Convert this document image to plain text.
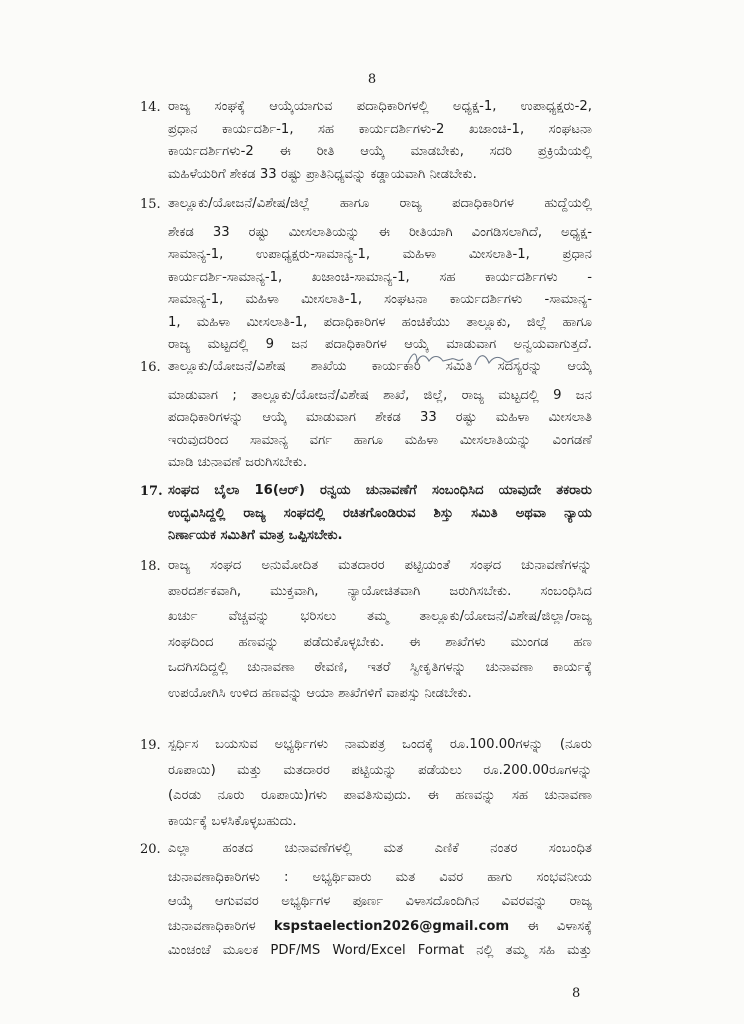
8
14. ರಾಜ್ಯ ಸಂಘಕ್ಕೆ ಆಯ್ಕೆಯಾಗುವ ಪದಾಧಿಕಾರಿಗಳಲ್ಲಿ ಅಧ್ಯಕ್ಷ-1, ಉಪಾಧ್ಯಕ್ಷರು-2,
ಪ್ರಧಾನ ಕಾರ್ಯದರ್ಶಿ-1, ಸಹ ಕಾರ್ಯದರ್ಶಿಗಳು-2 ಖಜಾಂಚಿ-1, ಸಂಘಟನಾ
ಕಾರ್ಯದರ್ಶಿಗಳು-2 ಈ ರೀತಿ ಆಯ್ಕೆ ಮಾಡಬೇಕು, ಸದರಿ ಪ್ರಕ್ರಿಯೆಯಲ್ಲಿ
ಮಹಿಳೆಯರಿಗೆ ಶೇಕಡ 33 ರಷ್ಟು ಪ್ರಾತಿನಿಧ್ಯವನ್ನು ಕಡ್ಡಾಯವಾಗಿ ನೀಡಬೇಕು.
15. ತಾಲ್ಲೂಕು/ಯೋಜನೆ/ವಿಶೇಷ/ಜಿಲ್ಲೆ ಹಾಗೂ ರಾಜ್ಯ ಪದಾಧಿಕಾರಿಗಳ ಹುದ್ದೆಯಲ್ಲಿ
ಶೇಕಡ 33 ರಷ್ಟು ಮೀಸಲಾತಿಯನ್ನು ಈ ರೀತಿಯಾಗಿ ವಿಂಗಡಿಸಲಾಗಿದೆ, ಅಧ್ಯಕ್ಷ-
ಸಾಮಾನ್ಯ-1, ಉಪಾಧ್ಯಕ್ಷರು-ಸಾಮಾನ್ಯ-1, ಮಹಿಳಾ ಮೀಸಲಾತಿ-1, ಪ್ರಧಾನ
ಕಾರ್ಯದರ್ಶಿ-ಸಾಮಾನ್ಯ-1, ಖಜಾಂಚಿ-ಸಾಮಾನ್ಯ-1, ಸಹ ಕಾರ್ಯದರ್ಶಿಗಳು -
ಸಾಮಾನ್ಯ-1, ಮಹಿಳಾ ಮೀಸಲಾತಿ-1, ಸಂಘಟನಾ ಕಾರ್ಯದರ್ಶಿಗಳು -ಸಾಮಾನ್ಯ-
1, ಮಹಿಳಾ ಮೀಸಲಾತಿ-1, ಪದಾಧಿಕಾರಿಗಳ ಹಂಚಿಕೆಯು ತಾಲ್ಲೂಕು, ಜಿಲ್ಲೆ ಹಾಗೂ
ರಾಜ್ಯ ಮಟ್ಟದಲ್ಲಿ 9 ಜನ ಪದಾಧಿಕಾರಿಗಳ ಆಯ್ಕೆ ಮಾಡುವಾಗ ಅನ್ವಯವಾಗುತ್ತದೆ.
16. ತಾಲ್ಲೂಕು/ಯೋಜನೆ/ವಿಶೇಷ ಶಾಖೆಯ ಕಾರ್ಯಕಾರಿ ಸಮಿತಿ ಸದಸ್ಯರನ್ನು ಆಯ್ಕೆ
ಮಾಡುವಾಗ ; ತಾಲ್ಲೂಕು/ಯೋಜನೆ/ವಿಶೇಷ ಶಾಖೆ, ಜಿಲ್ಲೆ, ರಾಜ್ಯ ಮಟ್ಟದಲ್ಲಿ 9 ಜನ
ಪದಾಧಿಕಾರಿಗಳನ್ನು ಆಯ್ಕೆ ಮಾಡುವಾಗ ಶೇಕಡ 33 ರಷ್ಟು ಮಹಿಳಾ ಮೀಸಲಾತಿ
ಇರುವುದರಿಂದ ಸಾಮಾನ್ಯ ವರ್ಗ ಹಾಗೂ ಮಹಿಳಾ ಮೀಸಲಾತಿಯನ್ನು ವಿಂಗಡಣೆ
ಮಾಡಿ ಚುನಾವಣೆ ಜರುಗಿಸಬೇಕು.
17. ಸಂಘದ ಬೈಲಾ 16(ಆರ್) ರನ್ವಯ ಚುನಾವಣೆಗೆ ಸಂಬಂಧಿಸಿದ ಯಾವುದೇ ತಕರಾರು
ಉದ್ಭವಿಸಿದ್ದಲ್ಲಿ ರಾಜ್ಯ ಸಂಘದಲ್ಲಿ ರಚಿತಗೊಂಡಿರುವ ಶಿಸ್ತು ಸಮಿತಿ ಅಥವಾ ನ್ಯಾಯ
ನಿರ್ಣಾಯಕ ಸಮಿತಿಗೆ ಮಾತ್ರ ಒಪ್ಪಿಸಬೇಕು.
18. ರಾಜ್ಯ ಸಂಘದ ಅನುಮೋದಿತ ಮತದಾರರ ಪಟ್ಟಿಯಂತೆ ಸಂಘದ ಚುನಾವಣೆಗಳನ್ನು
ಪಾರದರ್ಶಕವಾಗಿ, ಮುಕ್ತವಾಗಿ, ನ್ಯಾಯೋಚಿತವಾಗಿ ಜರುಗಿಸಬೇಕು. ಸಂಬಂಧಿಸಿದ
ಖರ್ಚು ವೆಚ್ಚವನ್ನು ಭರಿಸಲು ತಮ್ಮ ತಾಲ್ಲೂಕು/ಯೋಜನೆ/ವಿಶೇಷ/ಜಿಲ್ಲಾ/ರಾಜ್ಯ
ಸಂಘದಿಂದ ಹಣವನ್ನು ಪಡೆದುಕೊಳ್ಳಬೇಕು. ಈ ಶಾಖೆಗಳು ಮುಂಗಡ ಹಣ
ಒದಗಿಸದಿದ್ದಲ್ಲಿ ಚುನಾವಣಾ ಠೇವಣಿ, ಇತರೆ ಸ್ವೀಕೃತಿಗಳನ್ನು ಚುನಾವಣಾ ಕಾರ್ಯಕ್ಕೆ
ಉಪಯೋಗಿಸಿ ಉಳಿದ ಹಣವನ್ನು ಆಯಾ ಶಾಖೆಗಳಿಗೆ ವಾಪಸ್ಸು ನೀಡಬೇಕು.
19. ಸ್ಪರ್ಧಿಸ ಬಯಸುವ ಅಭ್ಯರ್ಥಿಗಳು ನಾಮಪತ್ರ ಒಂದಕ್ಕೆ ರೂ.100.00ಗಳನ್ನು (ನೂರು
ರೂಪಾಯಿ) ಮತ್ತು ಮತದಾರರ ಪಟ್ಟಿಯನ್ನು ಪಡೆಯಲು ರೂ.200.00ರೂಗಳನ್ನು
(ಎರಡು ನೂರು ರೂಪಾಯಿ)ಗಳು ಪಾವತಿಸುವುದು. ಈ ಹಣವನ್ನು ಸಹ ಚುನಾವಣಾ
ಕಾರ್ಯಕ್ಕೆ ಬಳಸಿಕೊಳ್ಳಬಹುದು.
20. ಎಲ್ಲಾ ಹಂತದ ಚುನಾವಣೆಗಳಲ್ಲಿ ಮತ ಎಣಿಕೆ ನಂತರ ಸಂಬಂಧಿತ
ಚುನಾವಣಾಧಿಕಾರಿಗಳು : ಅಭ್ಯರ್ಥಿವಾರು ಮತ ವಿವರ ಹಾಗು ಸಂಭವನೀಯ
ಆಯ್ಕೆ ಆಗುವವರ ಅಭ್ಯರ್ಥಿಗಳ ಪೂರ್ಣ ವಿಳಾಸದೊಂದಿಗಿನ ವಿವರವನ್ನು ರಾಜ್ಯ
ಚುನಾವಣಾಧಿಕಾರಿಗಳ kspstaelection2026@gmail.com ಈ ವಿಳಾಸಕ್ಕೆ
ಮಿಂಚಂಚೆ ಮೂಲಕ PDF/MS Word/Excel Format ನಲ್ಲಿ ತಮ್ಮ ಸಹಿ ಮತ್ತು
8
